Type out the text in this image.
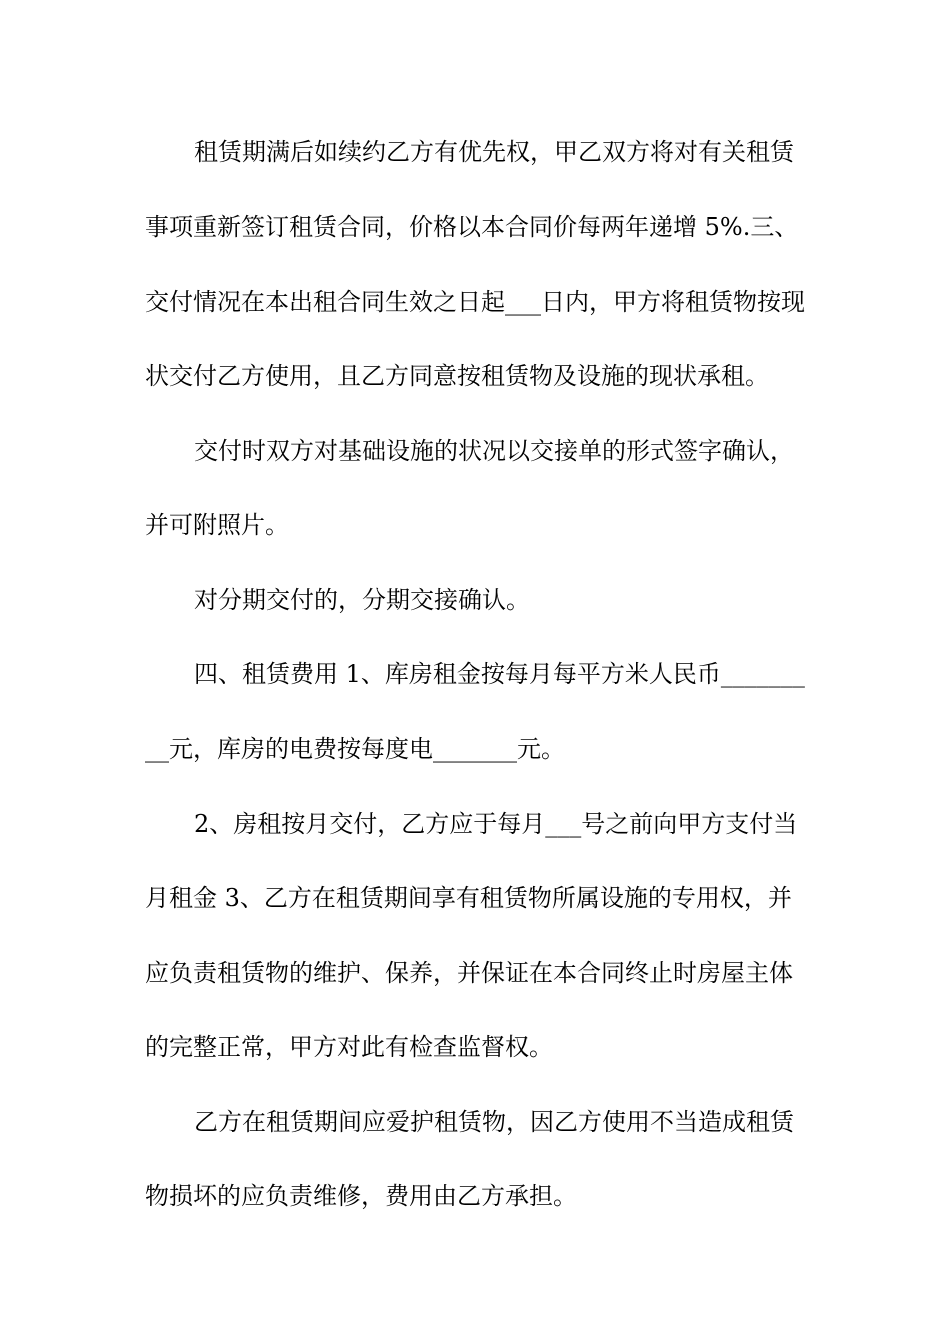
租赁期满后如续约乙方有优先权，甲乙双方将对有关租赁
事项重新签订租赁合同，价格以本合同价每两年递增 5%.三、
交付情况在本出租合同生效之日起___日内，甲方将租赁物按现
状交付乙方使用，且乙方同意按租赁物及设施的现状承租。
交付时双方对基础设施的状况以交接单的形式签字确认，
并可附照片。
对分期交付的，分期交接确认。
四、租赁费用 1、库房租金按每月每平方米人民币_______
__元，库房的电费按每度电_______元。
2、房租按月交付，乙方应于每月___号之前向甲方支付当
月租金 3、乙方在租赁期间享有租赁物所属设施的专用权，并
应负责租赁物的维护、保养，并保证在本合同终止时房屋主体
的完整正常，甲方对此有检查监督权。
乙方在租赁期间应爱护租赁物，因乙方使用不当造成租赁
物损坏的应负责维修，费用由乙方承担。
